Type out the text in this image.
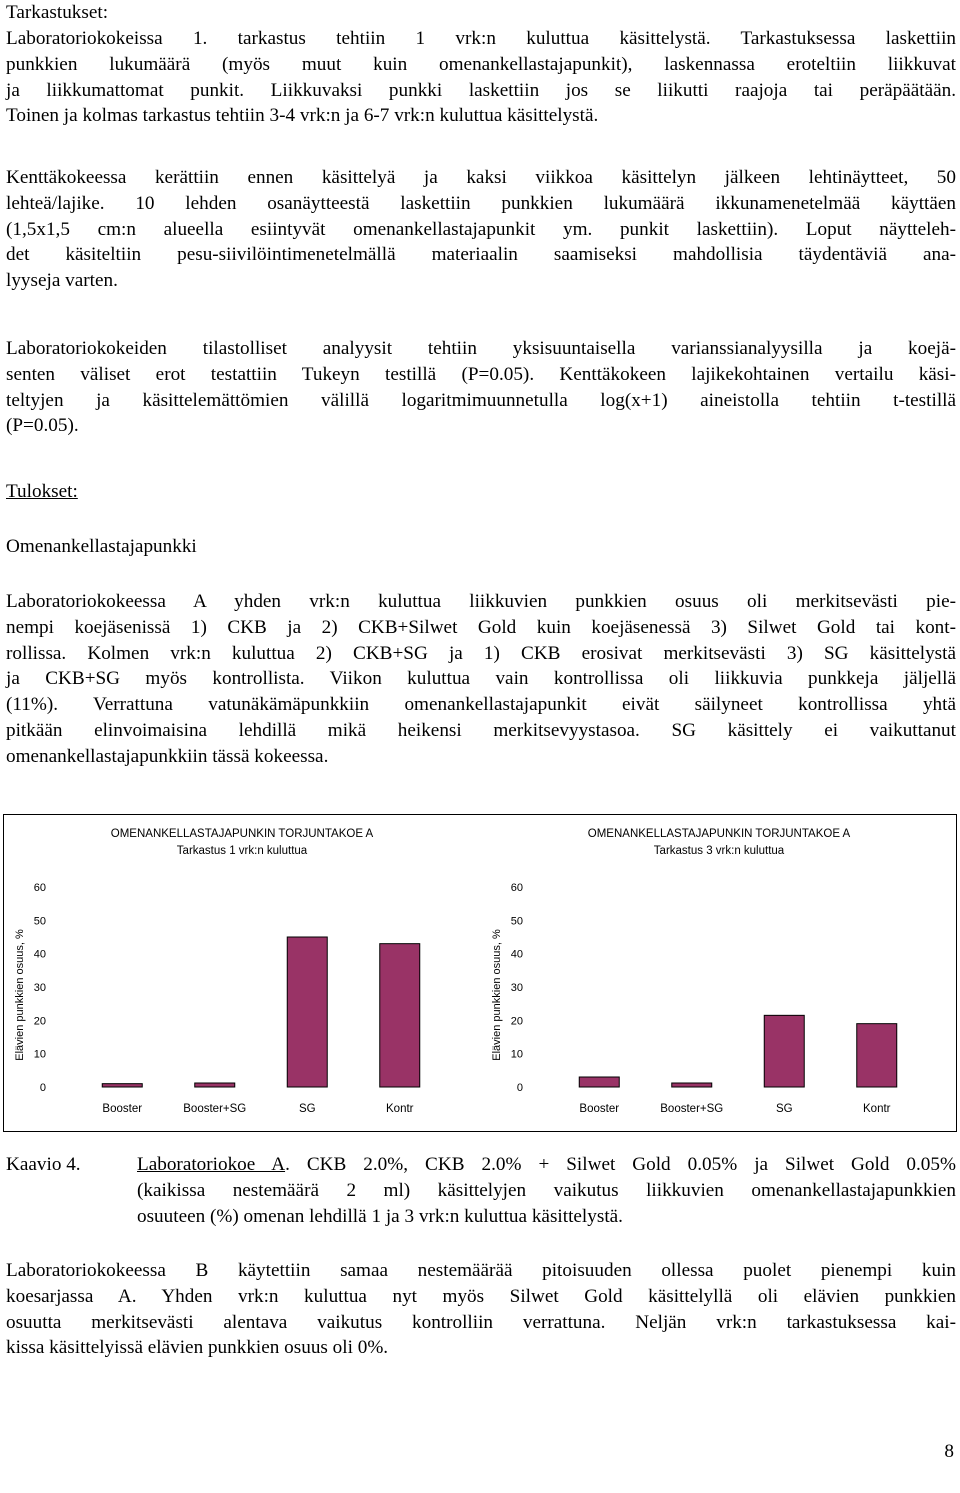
Tarkastukset:

Laboratoriokokeissa 1. tarkastus tehtiin 1 vrk:n kuluttua käsittelystä. Tarkastuksessa laskettiin
punkkien lukumäärä (myös muut kuin omenankellastajapunkit), laskennassa eroteltiin liikkuvat
ja liikkumattomat punkit. Liikkuvaksi punkki laskettiin jos se liikutti raajoja tai peräpäätään.
Toinen ja kolmas tarkastus tehtiin 3-4 vrk:n ja 6-7 vrk:n kuluttua käsittelystä.
Kenttäkokeessa kerättiin ennen käsittelyä ja kaksi viikkoa käsittelyn jälkeen lehtinäytteet, 50
lehteä/lajike. 10 lehden osanäytteestä laskettiin punkkien lukumäärä ikkunamenetelmää käyttäen
(1,5x1,5 cm:n alueella esiintyvät omenankellastajapunkit ym. punkit laskettiin). Loput näytteleh-
det käsiteltiin pesu-siivilöintimenetelmällä materiaalin saamiseksi mahdollisia täydentäviä ana-
lyyseja varten.
Laboratoriokokeiden tilastolliset analyysit tehtiin yksisuuntaisella varianssianalyysilla ja koejä-
senten väliset erot testattiin Tukeyn testillä (P=0.05). Kenttäkokeen lajikekohtainen vertailu käsi-
teltyjen ja käsittelemättömien välillä logaritmimuunnetulla log(x+1) aineistolla tehtiin t-testillä
(P=0.05).

Tulokset:

Omenankellastajapunkki

Laboratoriokokeessa A yhden vrk:n kuluttua liikkuvien punkkien osuus oli merkitsevästi pie-
nempi koejäsenissä 1) CKB ja 2) CKB+Silwet Gold kuin koejäsenessä 3) Silwet Gold tai kont-
rollissa. Kolmen vrk:n kuluttua 2) CKB+SG ja 1) CKB erosivat merkitsevästi 3) SG käsittelystä
ja CKB+SG myös kontrollista. Viikon kuluttua vain kontrollissa oli liikkuvia punkkeja jäljellä
(11%). Verrattuna vatunäkämäpunkkiin omenankellastajapunkit eivät säilyneet kontrollissa yhtä
pitkään elinvoimaisina lehdillä mikä heikensi merkitsevyystasoa. SG käsittely ei vaikuttanut
omenankellastajapunkkiin tässä kokeessa.

Kaavio 4.	Laboratoriokoe A. CKB 2.0%, CKB 2.0% + Silwet Gold 0.05% ja Silwet Gold 0.05%
(kaikissa nestemäärä 2 ml) käsittelyjen vaikutus liikkuvien omenankellastajapunkkien
osuuteen (%) omenan lehdillä 1 ja 3 vrk:n kuluttua käsittelystä.
Laboratoriokokeessa B käytettiin samaa nestemäärää pitoisuuden ollessa puolet pienempi kuin
koesarjassa A. Yhden vrk:n kuluttua nyt myös Silwet Gold käsittelyllä oli elävien punkkien
osuutta merkitsevästi alentava vaikutus kontrolliin verrattuna. Neljän vrk:n tarkastuksessa kai-
kissa käsittelyissä elävien punkkien osuus oli 0%.

8

OMENANKELLASTAJAPUNKIN TORJUNTAKOE A
Tarkastus 1 vrk:n kuluttua
0
10
20
30
40
50
60
Elävien punkkien osuus, %
Booster	Booster+SG	SG	Kontr
OMENANKELLASTAJAPUNKIN TORJUNTAKOE A
Tarkastus 3 vrk:n kuluttua
0
10
20
30
40
50
60
Elävien punkkien osuus, %
Booster	Booster+SG	SG	Kontr
